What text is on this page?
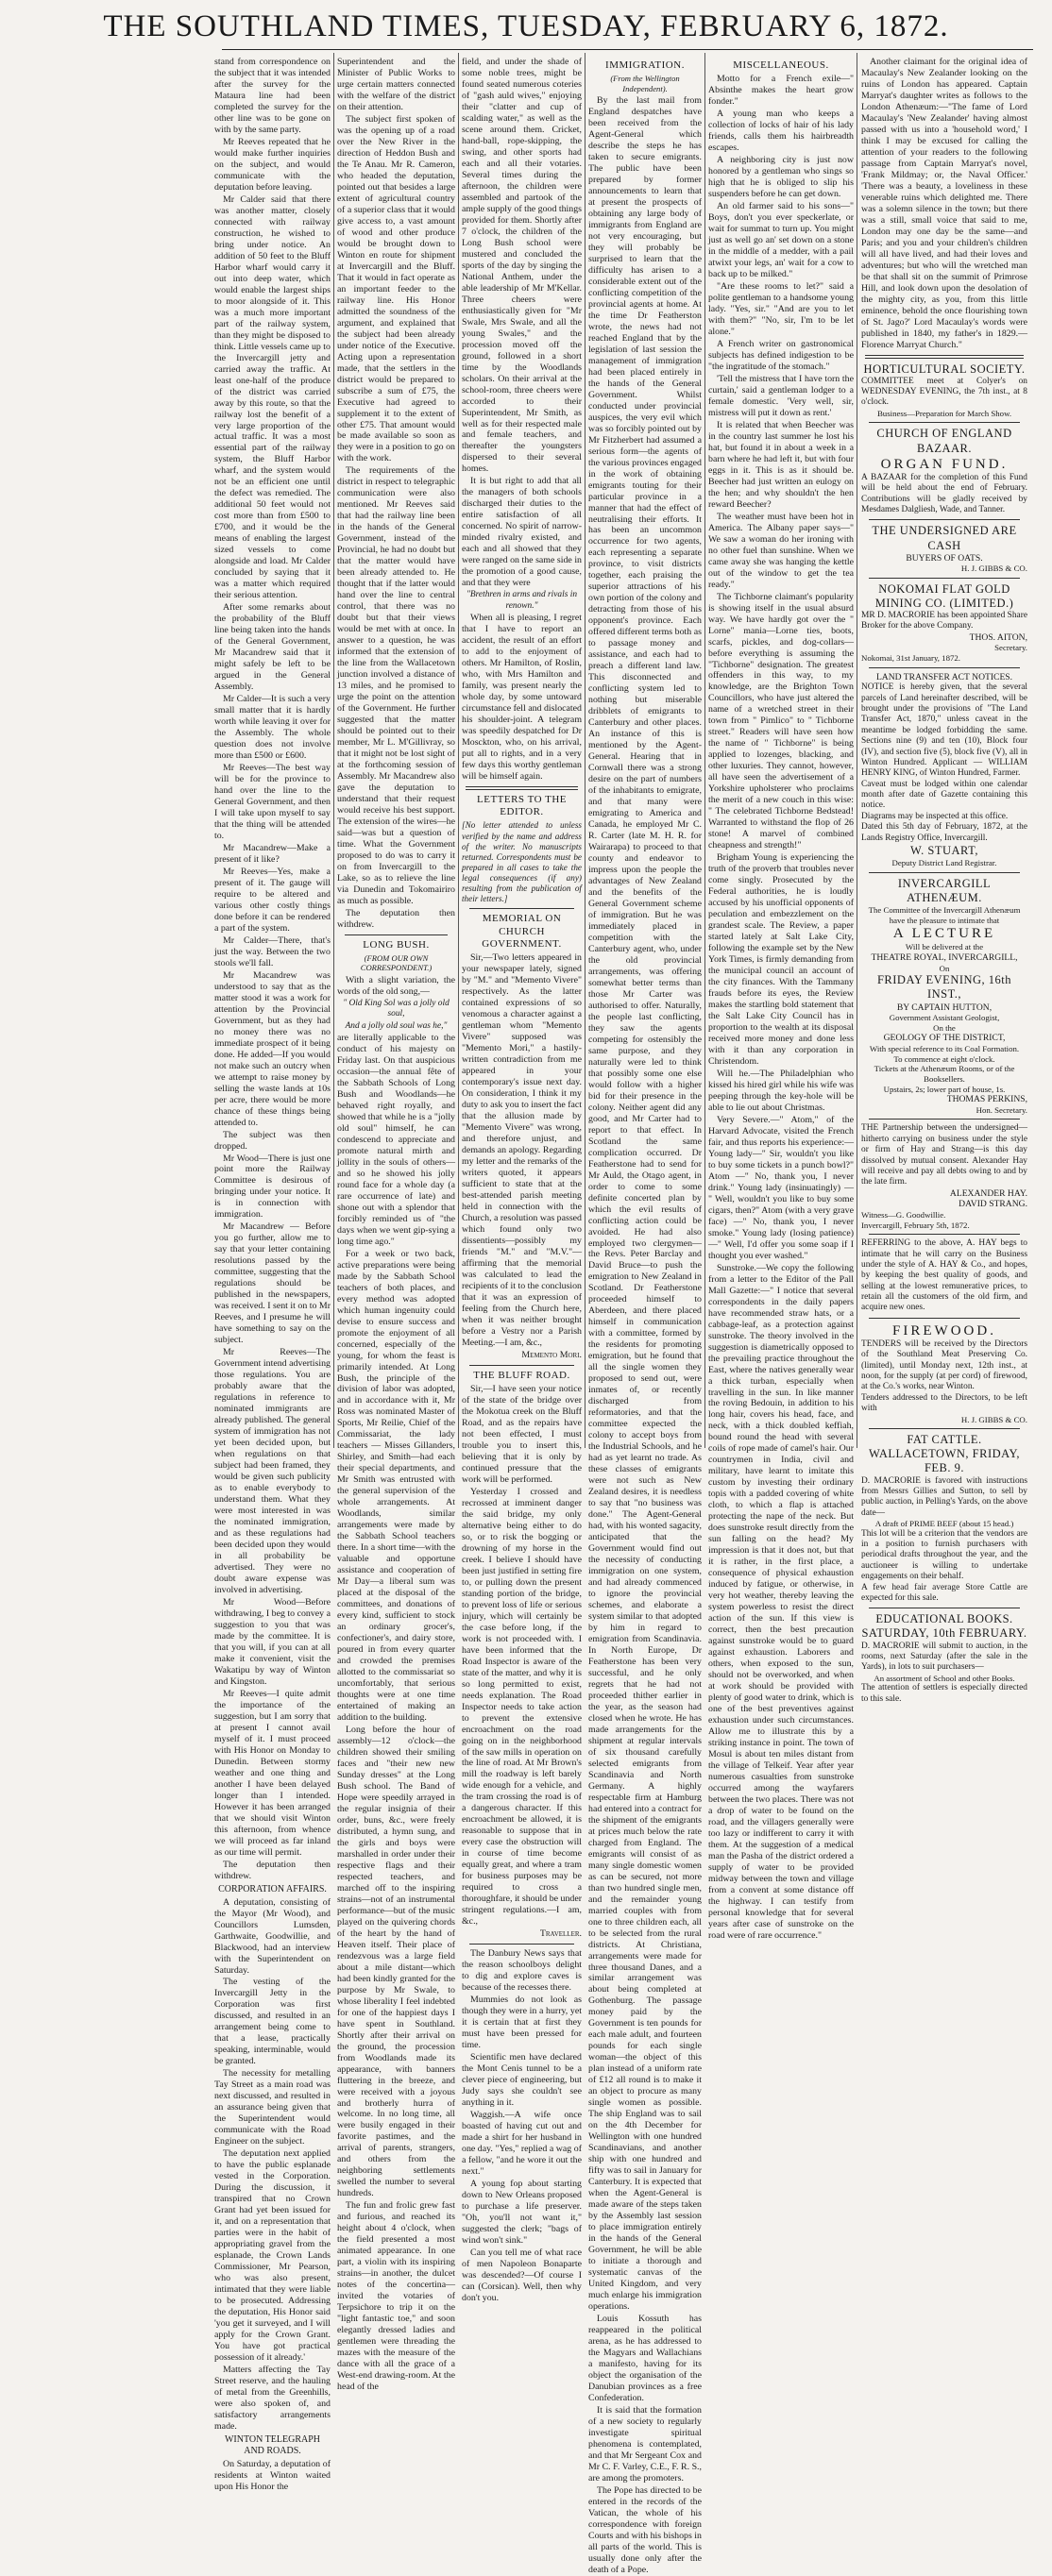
THE SOUTHLAND TIMES, TUESDAY, FEBRUARY 6, 1872.

stand from correspondence on the subject that it was intended after the survey for the Mataura line had been completed the survey for the other line was to be gone on with by the same party.

Mr Reeves repeated that he would make further inquiries on the subject, and would communicate with the deputation before leaving.

Mr Calder said that there was another matter, closely connected with railway construction, he wished to bring under notice. An addition of 50 feet to the Bluff Harbor wharf would carry it out into deep water, which would enable the largest ships to moor alongside of it. This was a much more important part of the railway system, than they might be disposed to think. Little vessels came up to the Invercargill jetty and carried away the traffic. At least one-half of the produce of the district was carried away by this route, so that the railway lost the benefit of a very large proportion of the actual traffic. It was a most essential part of the railway system, the Bluff Harbor wharf, and the system would not be an efficient one until the defect was remedied. The additional 50 feet would not cost more than from £500 to £700, and it would be the means of enabling the largest sized vessels to come alongside and load. Mr Calder concluded by saying that it was a matter which required their serious attention.

After some remarks about the probability of the Bluff line being taken into the hands of the General Government, Mr Macandrew said that it might safely be left to be argued in the General Assembly.

Mr Calder—It is such a very small matter that it is hardly worth while leaving it over for the Assembly. The whole question does not involve more than £500 or £600.

Mr Reeves—The best way will be for the province to hand over the line to the General Government, and then I will take upon myself to say that the thing will be attended to.

Mr Macandrew—Make a present of it like?

Mr Reeves—Yes, make a present of it. The gauge will require to be altered and various other costly things done before it can be rendered a part of the system.

Mr Calder—There, that's just the way. Between the two stools we'll fall.

Mr Macandrew was understood to say that as the matter stood it was a work for attention by the Provincial Government, but as they had no money there was no immediate prospect of it being done. He added—If you would not make such an outcry when we attempt to raise money by selling the waste lands at 10s per acre, there would be more chance of these things being attended to.

The subject was then dropped.

Mr Wood—There is just one point more the Railway Committee is desirous of bringing under your notice. It is in connection with immigration.

Mr Macandrew — Before you go further, allow me to say that your letter containing resolutions passed by the committee, suggesting that the regulations should be published in the newspapers, was received. I sent it on to Mr Reeves, and I presume he will have something to say on the subject.

Mr Reeves—The Government intend advertising those regulations. You are probably aware that the regulations in reference to nominated immigrants are already published. The general system of immigration has not yet been decided upon, but when regulations on that subject had been framed, they would be given such publicity as to enable everybody to understand them. What they were most interested in was the nominated immigration, and as these regulations had been decided upon they would in all probability be advertised. They were no doubt aware expense was involved in advertising.

Mr Wood—Before withdrawing, I beg to convey a suggestion to you that was made by the committee. It is that you will, if you can at all make it convenient, visit the Wakatipu by way of Winton and Kingston.

Mr Reeves—I quite admit the importance of the suggestion, but I am sorry that at present I cannot avail myself of it. I must proceed with His Honor on Monday to Dunedin. Between stormy weather and one thing and another I have been delayed longer than I intended. However it has been arranged that we should visit Winton this afternoon, from whence we will proceed as far inland as our time will permit.

The deputation then withdrew.

CORPORATION AFFAIRS.

A deputation, consisting of the Mayor (Mr Wood), and Councillors Lumsden, Garthwaite, Goodwillie, and Blackwood, had an interview with the Superintendent on Saturday.

The vesting of the Invercargill Jetty in the Corporation was first discussed, and resulted in an arrangement being come to that a lease, practically speaking, interminable, would be granted.

The necessity for metalling Tay Street as a main road was next discussed, and resulted in an assurance being given that the Superintendent would communicate with the Road Engineer on the subject.

The deputation next applied to have the public esplanade vested in the Corporation. During the discussion, it transpired that no Crown Grant had yet been issued for it, and on a representation that parties were in the habit of appropriating gravel from the esplanade, the Crown Lands Commissioner, Mr Pearson, who was also present, intimated that they were liable to be prosecuted. Addressing the deputation, His Honor said 'you get it surveyed, and I will apply for the Crown Grant. You have got practical possession of it already.'

Matters affecting the Tay Street reserve, and the hauling of metal from the Greenhills, were also spoken of, and satisfactory arrangements made.

WINTON TELEGRAPH AND ROADS.

On Saturday, a deputation of residents at Winton waited upon His Honor the

Superintendent and the Minister of Public Works to urge certain matters connected with the welfare of the district on their attention.

The subject first spoken of was the opening up of a road over the New River in the direction of Heddon Bush and the Te Anau. Mr R. Cameron, who headed the deputation, pointed out that besides a large extent of agricultural country of a superior class that it would give access to, a vast amount of wood and other produce would be brought down to Winton en route for shipment at Invercargill and the Bluff. That it would in fact operate as an important feeder to the railway line. His Honor admitted the soundness of the argument, and explained that the subject had been already under notice of the Executive. Acting upon a representation made, that the settlers in the district would be prepared to subscribe a sum of £75, the Executive had agreed to supplement it to the extent of other £75. That amount would be made available so soon as they were in a position to go on with the work.

The requirements of the district in respect to telegraphic communication were also mentioned. Mr Reeves said that had the railway line been in the hands of the General Government, instead of the Provincial, he had no doubt but that the matter would have been already attended to. He thought that if the latter would hand over the line to central control, that there was no doubt but that their views would be met with at once. In answer to a question, he was informed that the extension of the line from the Wallacetown junction involved a distance of 13 miles, and he promised to urge the point on the attention of the Government. He further suggested that the matter should be pointed out to their member, Mr L. M'Gillivray, so that it might not be lost sight of at the forthcoming session of Assembly. Mr Macandrew also gave the deputation to understand that their request would receive his best support. The extension of the wires—he said—was but a question of time. What the Government proposed to do was to carry it on from Invercargill to the Lake, so as to relieve the line via Dunedin and Tokomairiro as much as possible.

The deputation then withdrew.

LONG BUSH.
(FROM OUR OWN CORRESPONDENT.)

With a slight variation, the words of the old song,—

" Old King Sol was a jolly old soul,
And a jolly old soul was he,"

are literally applicable to the conduct of his majesty on Friday last. On that auspicious occasion—the annual fête of the Sabbath Schools of Long Bush and Woodlands—he behaved right royally, and showed that while he is a "jolly old soul" himself, he can condescend to appreciate and promote natural mirth and jollity in the souls of others—and so he showed his jolly round face for a whole day (a rare occurrence of late) and shone out with a splendor that forcibly reminded us of "the days when we went gip-sying a long time ago."

For a week or two back, active preparations were being made by the Sabbath School teachers of both places, and every method was adopted which human ingenuity could devise to ensure success and promote the enjoyment of all concerned, especially of the young, for whom the feast is primarily intended. At Long Bush, the principle of the division of labor was adopted, and in accordance with it, Mr Ross was nominated Master of Sports, Mr Reilie, Chief of the Commissariat, the lady teachers — Misses Gillanders, Shirley, and Smith—had each their special departments, and Mr Smith was entrusted with the general supervision of the whole arrangements. At Woodlands, similar arrangements were made by the Sabbath School teachers there. In a short time—with the valuable and opportune assistance and cooperation of Mr Day—a liberal sum was placed at the disposal of the committees, and donations of every kind, sufficient to stock an ordinary grocer's, confectioner's, and dairy store, poured in from every quarter and crowded the premises allotted to the commissariat so uncomfortably, that serious thoughts were at one time entertained of making an addition to the building.

Long before the hour of assembly—12 o'clock—the children showed their smiling faces and "their new new Sunday dresses" at the Long Bush school. The Band of Hope were speedily arrayed in the regular insignia of their order, buns, &c., were freely distributed, a hymn sung, and the girls and boys were marshalled in order under their respective flags and their respected teachers, and marched off to the inspiring strains—not of an instrumental performance—but of the music played on the quivering chords of the heart by the hand of Heaven itself. Their place of rendezvous was a large field about a mile distant—which had been kindly granted for the purpose by Mr Swale, to whose liberality I feel indebted for one of the happiest days I have spent in Southland. Shortly after their arrival on the ground, the procession from Woodlands made its appearance, with banners fluttering in the breeze, and were received with a joyous and brotherly hurra of welcome. In no long time, all were busily engaged in their favorite pastimes, and the arrival of parents, strangers, and others from the neighboring settlements swelled the number to several hundreds.

The fun and frolic grew fast and furious, and reached its height about 4 o'clock, when the field presented a most animated appearance. In one part, a violin with its inspiring strains—in another, the dulcet notes of the concertina—invited the votaries of Terpsichore to trip it on the "light fantastic toe," and soon elegantly dressed ladies and gentlemen were threading the mazes with the measure of the dance with all the grace of a West-end drawing-room. At the head of the

field, and under the shade of some noble trees, might be found seated numerous coteries of "gash auld wives," enjoying their "clatter and cup of scalding water," as well as the scene around them. Cricket, hand-ball, rope-skipping, the swing, and other sports had each and all their votaries. Several times during the afternoon, the children were assembled and partook of the ample supply of the good things provided for them. Shortly after 7 o'clock, the children of the Long Bush school were mustered and concluded the sports of the day by singing the National Anthem, under the able leadership of Mr M'Kellar. Three cheers were enthusiastically given for "Mr Swale, Mrs Swale, and all the young Swales," and the procession moved off the ground, followed in a short time by the Woodlands scholars. On their arrival at the school-room, three cheers were accorded to their Superintendent, Mr Smith, as well as for their respected male and female teachers, and thereafter the youngsters dispersed to their several homes.

It is but right to add that all the managers of both schools discharged their duties to the entire satisfaction of all concerned. No spirit of narrow-minded rivalry existed, and each and all showed that they were ranged on the same side in the promotion of a good cause, and that they were

"Brethren in arms and rivals in renown."

When all is pleasing, I regret that I have to report an accident, the result of an effort to add to the enjoyment of others. Mr Hamilton, of Roslin, who, with Mrs Hamilton and family, was present nearly the whole day, by some untoward circumstance fell and dislocated his shoulder-joint. A telegram was speedily despatched for Dr Mosckton, who, on his arrival, put all to rights, and in a very few days this worthy gentleman will be himself again.

LETTERS TO THE EDITOR.

[No letter attended to unless verified by the name and address of the writer. No manuscripts returned. Correspondents must be prepared in all cases to take the legal consequences (if any) resulting from the publication of their letters.]

MEMORIAL ON CHURCH GOVERNMENT.

Sir,—Two letters appeared in your newspaper lately, signed by "M." and "Memento Vivere" respectively. As the latter contained expressions of so venomous a character against a gentleman whom "Memento Vivere" supposed was "Memento Mori," a hastily-written contradiction from me appeared in your contemporary's issue next day. On consideration, I think it my duty to ask you to insert the fact that the allusion made by "Memento Vivere" was wrong, and therefore unjust, and demands an apology. Regarding my letter and the remarks of the writers quoted, it appears sufficient to state that at the best-attended parish meeting held in connection with the Church, a resolution was passed which found only two dissentients—possibly my friends "M." and "M.V."—affirming that the memorial was calculated to lead the recipients of it to the conclusion that it was an expression of feeling from the Church here, when it was neither brought before a Vestry nor a Parish Meeting.—I am, &c.,

Memento Mori.
THE BLUFF ROAD.

Sir,—I have seen your notice of the state of the bridge over the Mokotua creek on the Bluff Road, and as the repairs have not been effected, I must trouble you to insert this, believing that it is only by continued pressure that the work will be performed.

Yesterday I crossed and recrossed at imminent danger the said bridge, my only alternative being either to do so, or to risk the bogging or drowning of my horse in the creek. I believe I should have been just justified in setting fire to, or pulling down the present standing portion of the bridge, to prevent loss of life or serious injury, which will certainly be the case before long, if the work is not proceeded with. I have been informed that the Road Inspector is aware of the state of the matter, and why it is so long permitted to exist, needs explanation. The Road Inspector needs to take action to prevent the extensive encroachment on the road going on in the neighborhood of the saw mills in operation on the line of road. At Mr Brown's mill the roadway is left barely wide enough for a vehicle, and the tram crossing the road is of a dangerous character. If this encroachment be allowed, it is reasonable to suppose that in every case the obstruction will in course of time become equally great, and where a tram for business purposes may be required to cross a thoroughfare, it should be under stringent regulations.—I am, &c.,

Traveller.

The Danbury News says that the reason schoolboys delight to dig and explore caves is because of the recesses there.

Mummies do not look as though they were in a hurry, yet it is certain that at first they must have been pressed for time.

Scientific men have declared the Mont Cenis tunnel to be a clever piece of engineering, but Judy says she couldn't see anything in it.

Waggish.—A wife once boasted of having cut out and made a shirt for her husband in one day. "Yes," replied a wag of a fellow, "and he wore it out the next."

A young fop about starting down to New Orleans proposed to purchase a life preserver. "Oh, you'll not want it," suggested the clerk; "bags of wind won't sink."

Can you tell me of what race of men Napoleon Bonaparte was descended?—Of course I can (Corsican). Well, then why don't you.

IMMIGRATION.
(From the Wellington Independent).

By the last mail from England despatches have been received from the Agent-General which describe the steps he has taken to secure emigrants. The public have been prepared by former announcements to learn that at present the prospects of obtaining any large body of immigrants from England are not very encouraging, but they will probably be surprised to learn that the difficulty has arisen to a considerable extent out of the conflicting competition of the provincial agents at home. At the time Dr Featherston wrote, the news had not reached England that by the legislation of last session the management of immigration had been placed entirely in the hands of the General Government. Whilst conducted under provincial auspices, the very evil which was so forcibly pointed out by Mr Fitzherbert had assumed a serious form—the agents of the various provinces engaged in the work of obtaining emigrants touting for their particular province in a manner that had the effect of neutralising their efforts. It has been an uncommon occurrence for two agents, each representing a separate province, to visit districts together, each praising the superior attractions of his own portion of the colony and detracting from those of his opponent's province. Each offered different terms both as to passage money and assistance, and each had to preach a different land law. This disconnected and conflicting system led to nothing but miserable dribblets of emigrants to Canterbury and other places. An instance of this is mentioned by the Agent-General. Hearing that in Cornwall there was a strong desire on the part of numbers of the inhabitants to emigrate, and that many were emigrating to America and Canada, he employed Mr C. R. Carter (late M. H. R. for Wairarapa) to proceed to that county and endeavor to impress upon the people the advantages of New Zealand and the benefits of the General Government scheme of immigration. But he was immediately placed in competition with the Canterbury agent, who, under the old provincial arrangements, was offering somewhat better terms than those Mr Carter was authorised to offer. Naturally, the people last conflicting, they saw the agents competing for ostensibly the same purpose, and they naturally were led to think that possibly some one else would follow with a higher bid for their presence in the colony. Neither agent did any good, and Mr Carter had to report to that effect. In Scotland the same complication occurred. Dr Featherstone had to send for Mr Auld, the Otago agent, in order to come to some definite concerted plan by which the evil results of conflicting action could be avoided. He had also employed two clergymen—the Revs. Peter Barclay and David Bruce—to push the emigration to New Zealand in Scotland. Dr Featherstone proceeded himself to Aberdeen, and there placed himself in communication with a committee, formed by the residents for promoting emigration, but he found that all the single women they proposed to send out, were inmates of, or recently discharged from reformatories, and that the committee expected the colony to accept boys from the Industrial Schools, and he had as yet learnt no trade. As these classes of emigrants were not such as New Zealand desires, it is needless to say that "no business was done." The Agent-General had, with his wonted sagacity, anticipated that the Government would find out the necessity of conducting immigration on one system, and had already commenced to ignore the provincial schemes, and elaborate a system similar to that adopted by him in regard to emigration from Scandinavia. In North Europe, Dr Featherstone has been very successful, and he only regrets that he had not proceeded thither earlier in the year, as the season had closed when he wrote. He has made arrangements for the shipment at regular intervals of six thousand carefully selected emigrants from Scandinavia and North Germany. A highly respectable firm at Hamburg had entered into a contract for the shipment of the emigrants at prices much below the rate charged from England. The emigrants will consist of as many single domestic women as can be secured, not more than two hundred single men, and the remainder young married couples with from one to three children each, all to be selected from the rural districts. At Christiana, arrangements were made for three thousand Danes, and a similar arrangement was about being completed at Gothenburg. The passage money paid by the Government is ten pounds for each male adult, and fourteen pounds for each single woman—the object of this plan instead of a uniform rate of £12 all round is to make it an object to procure as many single women as possible. The ship England was to sail on the 4th December for Wellington with one hundred Scandinavians, and another ship with one hundred and fifty was to sail in January for Canterbury. It is expected that when the Agent-General is made aware of the steps taken by the Assembly last session to place immigration entirely in the hands of the General Government, he will be able to initiate a thorough and systematic canvas of the United Kingdom, and very much enlarge his immigration operations.

Louis Kossuth has reappeared in the political arena, as he has addressed to the Magyars and Wallachians a manifesto, having for its object the organisation of the Danubian provinces as a free Confederation.

It is said that the formation of a new society to regularly investigate spiritual phenomena is contemplated, and that Mr Sergeant Cox and Mr C. F. Varley, C.E., F. R. S., are among the promoters.

The Pope has directed to be entered in the records of the Vatican, the whole of his correspondence with foreign Courts and with his bishops in all parts of the world. This is usually done only after the death of a Pope.

MISCELLANEOUS.

Motto for a French exile—" Absinthe makes the heart grow fonder."

A young man who keeps a collection of locks of hair of his lady friends, calls them his hairbreadth escapes.

A neighboring city is just now honored by a gentleman who sings so high that he is obliged to slip his suspenders before he can get down.

An old farmer said to his sons—" Boys, don't you ever speckerlate, or wait for summat to turn up. You might just as well go an' set down on a stone in the middle of a medder, with a pail atwixt your legs, an' wait for a cow to back up to be milked."

"Are these rooms to let?" said a polite gentleman to a handsome young lady. "Yes, sir." "And are you to let with them?" "No, sir, I'm to be let alone."

A French writer on gastronomical subjects has defined indigestion to be "the ingratitude of the stomach."

'Tell the mistress that I have torn the curtain,' said a gentleman lodger to a female domestic. 'Very well, sir, mistress will put it down as rent.'

It is related that when Beecher was in the country last summer he lost his hat, but found it in about a week in a barn where he had left it, but with four eggs in it. This is as it should be. Beecher had just written an eulogy on the hen; and why shouldn't the hen reward Beecher?

The weather must have been hot in America. The Albany paper says—" We saw a woman do her ironing with no other fuel than sunshine. When we came away she was hanging the kettle out of the window to get the tea ready."

The Tichborne claimant's popularity is showing itself in the usual absurd way. We have hardly got over the " Lorne" mania—Lorne ties, boots, scarfs, pickles, and dog-collars—before everything is assuming the "Tichborne" designation. The greatest offenders in this way, to my knowledge, are the Brighton Town Councillors, who have just altered the name of a wretched street in their town from " Pimlico" to " Tichborne street." Readers will have seen how the name of " Tichborne" is being applied to lozenges, blacking, and other luxuries. They cannot, however, all have seen the advertisement of a Yorkshire upholsterer who proclaims the merit of a new couch in this wise: " The celebrated Tichborne Bedstead! Warranted to withstand the flop of 26 stone! A marvel of combined cheapness and strength!"

Brigham Young is experiencing the truth of the proverb that troubles never come singly. Prosecuted by the Federal authorities, he is loudly accused by his unofficial opponents of peculation and embezzlement on the grandest scale. The Review, a paper started lately at Salt Lake City, following the example set by the New York Times, is firmly demanding from the municipal council an account of the city finances. With the Tammany frauds before its eyes, the Review makes the startling bold statement that the Salt Lake City Council has in proportion to the wealth at its disposal received more money and done less with it than any corporation in Christendom.

Will he.—The Philadelphian who kissed his hired girl while his wife was peeping through the key-hole will be able to lie out about Christmas.

Very Severe.—" Atom," of the Harvard Advocate, visited the French fair, and thus reports his experience:—Young lady—" Sir, wouldn't you like to buy some tickets in a punch bowl?" Atom —" No, thank you, I never drink." Young lady (insinuatingly) — " Well, wouldn't you like to buy some cigars, then?" Atom (with a very grave face) —" No, thank you, I never smoke." Young lady (losing patience)—" Well, I'd offer you some soap if I thought you ever washed."

Sunstroke.—We copy the following from a letter to the Editor of the Pall Mall Gazette:—" I notice that several correspondents in the daily papers have recommended straw hats, or a cabbage-leaf, as a protection against sunstroke. The theory involved in the suggestion is diametrically opposed to the prevailing practice throughout the East, where the natives generally wear a thick turban, especially when travelling in the sun. In like manner the roving Bedouin, in addition to his long hair, covers his head, face, and neck, with a thick doubled keffiah, bound round the head with several coils of rope made of camel's hair. Our countrymen in India, civil and military, have learnt to imitate this custom by investing their ordinary topis with a padded covering of white cloth, to which a flap is attached protecting the nape of the neck. But does sunstroke result directly from the sun falling on the head? My impression is that it does not, but that it is rather, in the first place, a consequence of physical exhaustion induced by fatigue, or otherwise, in very hot weather, thereby leaving the system powerless to resist the direct action of the sun. If this view is correct, then the best precaution against sunstroke would be to guard against exhaustion. Laborers and others, when exposed to the sun, should not be overworked, and when at work should be provided with plenty of good water to drink, which is one of the best preventives against exhaustion under such circumstances. Allow me to illustrate this by a striking instance in point. The town of Mosul is about ten miles distant from the village of Telkeif. Year after year numerous casualties from sunstroke occurred among the wayfarers between the two places. There was not a drop of water to be found on the road, and the villagers generally were too lazy or indifferent to carry it with them. At the suggestion of a medical man the Pasha of the district ordered a supply of water to be provided midway between the town and village from a convent at some distance off the highway. I can testify from personal knowledge that for several years after case of sunstroke on the road were of rare occurrence."

Another claimant for the original idea of Macaulay's New Zealander looking on the ruins of London has appeared. Captain Marryat's daughter writes as follows to the London Athenæum:—"The fame of Lord Macaulay's 'New Zealander' having almost passed with us into a 'household word,' I think I may be excused for calling the attention of your readers to the following passage from Captain Marryat's novel, 'Frank Mildmay; or, the Naval Officer.' 'There was a beauty, a loveliness in these venerable ruins which delighted me. There was a solemn silence in the town; but there was a still, small voice that said to me, London may one day be the same—and Paris; and you and your children's children will all have lived, and had their loves and adventures; but who will the wretched man be that shall sit on the summit of Primrose Hill, and look down upon the desolation of the mighty city, as you, from this little eminence, behold the once flourishing town of St. Jago?' Lord Macaulay's words were published in 1840, my father's in 1829.—Florence Marryat Church."

HORTICULTURAL SOCIETY.
COMMITTEE meet at Colyer's on WEDNESDAY EVENING, the 7th inst., at 8 o'clock.
Business—Preparation for March Show.
CHURCH OF ENGLAND BAZAAR.
ORGAN FUND.
A BAZAAR for the completion of this Fund will be held about the end of February. Contributions will be gladly received by Mesdames Dalgliesh, Wade, and Tanner.
THE UNDERSIGNED ARE CASH
BUYERS OF OATS.
H. J. GIBBS & CO.
NOKOMAI FLAT GOLD MINING CO. (LIMITED.)
MR D. MACRORIE has been appointed Share Broker for the above Company.
THOS. AITON,
Secretary.
Nokomai, 31st January, 1872.
LAND TRANSFER ACT NOTICES.
NOTICE is hereby given, that the several parcels of Land hereinafter described, will be brought under the provisions of "The Land Transfer Act, 1870," unless caveat in the meantime be lodged forbidding the same. Sections nine (9) and ten (10), Block four (IV), and section five (5), block five (V), all in Winton Hundred. Applicant — WILLIAM HENRY KING, of Winton Hundred, Farmer.
Caveat must be lodged within one calendar month after date of Gazette containing this notice.
Diagrams may be inspected at this office.
Dated this 5th day of February, 1872, at the Lands Registry Office, Invercargill.
W. STUART,
Deputy District Land Registrar.
INVERCARGILL ATHENÆUM.
The Committee of the Invercargill Athenæum have the pleasure to intimate that
A LECTURE
Will be delivered at the
THEATRE ROYAL, INVERCARGILL,
On
FRIDAY EVENING, 16th INST.,
BY CAPTAIN HUTTON,
Government Assistant Geologist,
On the
GEOLOGY OF THE DISTRICT,
With special reference to its Coal Formation.
To commence at eight o'clock.
Tickets at the Athenæum Rooms, or of the Booksellers.
Upstairs, 2s; lower part of house, 1s.
THOMAS PERKINS,
Hon. Secretary.
THE Partnership between the undersigned—hitherto carrying on business under the style or firm of Hay and Strang—is this day dissolved by mutual consent. Alexander Hay will receive and pay all debts owing to and by the late firm.
ALEXANDER HAY.
DAVID STRANG.
Witness—G. Goodwillie.
Invercargill, February 5th, 1872.
REFERRING to the above, A. HAY begs to intimate that he will carry on the Business under the style of A. HAY & Co., and hopes, by keeping the best quality of goods, and selling at the lowest remunerative prices, to retain all the customers of the old firm, and acquire new ones.
FIREWOOD.
TENDERS will be received by the Directors of the Southland Meat Preserving Co. (limited), until Monday next, 12th inst., at noon, for the supply (at per cord) of firewood, at the Co.'s works, near Winton.
Tenders addressed to the Directors, to be left with
H. J. GIBBS & CO.
FAT CATTLE.
WALLACETOWN, FRIDAY, FEB. 9.
D. MACRORIE is favored with instructions from Messrs Gillies and Sutton, to sell by public auction, in Pelling's Yards, on the above date—
A draft of PRIME BEEF (about 15 head.)
This lot will be a criterion that the vendors are in a position to furnish purchasers with periodical drafts throughout the year, and the auctioneer is willing to undertake engagements on their behalf.
A few head fair average Store Cattle are expected for this sale.
EDUCATIONAL BOOKS.
SATURDAY, 10th FEBRUARY.
D. MACRORIE will submit to auction, in the rooms, next Saturday (after the sale in the Yards), in lots to suit purchasers—
An assortment of School and other Books.
The attention of settlers is especially directed to this sale.
